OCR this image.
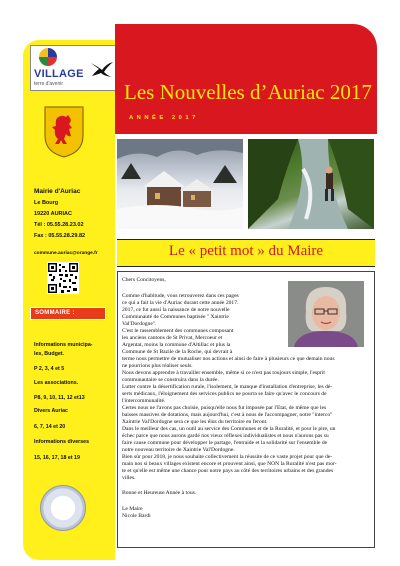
VILLAGE
terre d'avenir
Mairie d'Auriac
Le Bourg
19220 AURIAC
Tél : 05.55.28.23.02
Fax : 05.55.28.29.82
commune.auriac@orange.fr
SOMMAIRE :
Informations municipa-
les, Budget.
P 2, 3, 4 et 5
Les associations.
P8, 9, 10, 11, 12 et13
Divers Auriac
6, 7, 14 et 20
Informations diverses
15, 16, 17, 18 et 19
Les Nouvelles d’Auriac 2017
ANNÉE 2017
Le « petit mot » du Maire
Chers Concitoyens,
Comme d'habitude, vous retrouverez dans ces pages
ce qui a fait la vie d'Auriac durant cette année 2017.
2017, ce fut aussi la naissance de notre nouvelle
Communauté de Communes baptisée " Xaintrie
Val'Dordogne".
C'est le rassemblement des communes composant
les anciens cantons de St Privat, Mercoeur et
Argentat, moins la commune d'Altillac et plus la
Commune de St Bazile de la Roche, qui devrait à
terme nous permettre de mutualiser nos actions et ainsi de faire à plusieurs ce que demain nous
ne pourrions plus réaliser seuls.
Nous devons apprendre à travailler ensemble, même si ce n'est pas toujours simple, l'esprit
communautaire se construira dans la durée.
Lutter contre la désertification rurale, l'isolement, le manque d'installation d'entreprise, les dé-
serts médicaux, l'éloignement des services publics ne pourra se faire qu'avec le concours de
l'intercommunalité.
Certes nous ne l'avons pas choisie, puisqu'elle nous fut imposée par l'Etat, de même que les
baisses massives de dotations, mais aujourd'hui, c'est à nous de l'accompagner, notre "interco"
Xaintrie Val'Dordogne sera ce que les élus du territoire en feront.
Dans le meilleur des cas, un outil au service des Communes et de la Ruralité, et pour le pire, un
échec parce que nous aurons gardé nos vieux réflexes individualistes et nous n'aurons pas su
faire cause commune pour développer le partage, l'entraide et la solidarité sur l'ensemble de
notre nouveau territoire de Xaintrie Val'Dordogne.
Bien sûr pour 2018, je nous souhaite collectivement la réussite de ce vaste projet pour que de-
main nos si beaux villages existent encore et prouvent ainsi, que NON la Ruralité n'est pas mor-
te et qu'elle est même une chance pour notre pays au côté des territoires urbains et des grandes
villes.
Bonne et Heureuse Année à tous.
Le Maire
Nicole Bardi
